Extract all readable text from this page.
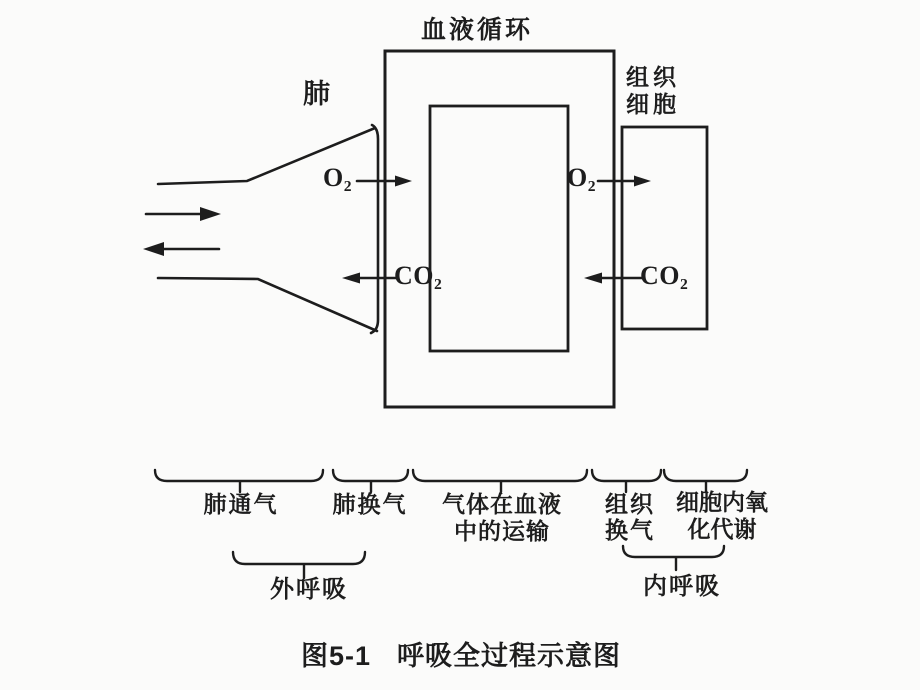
血液循环
肺
组织
细胞
O₂
CO₂
O₂
CO₂
肺通气	肺换气	气体在血液
中的运输
组织
换气
细胞内氧
化代谢
外呼吸	内呼吸
图5-1 呼吸全过程示意图
